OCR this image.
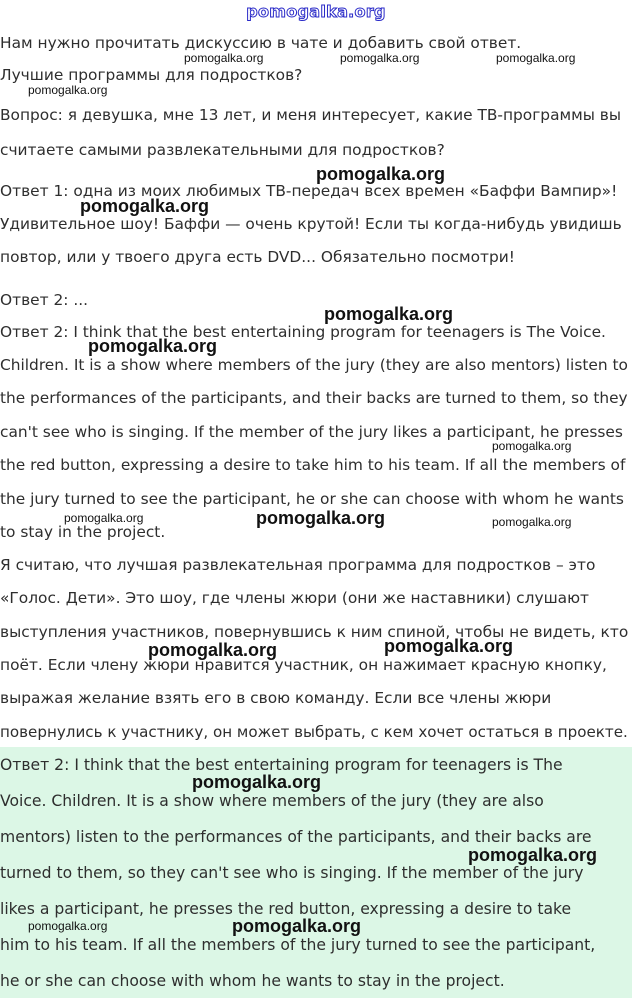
pomogalka.org
Нам нужно прочитать дискуссию в чате и добавить свой ответ.
Лучшие программы для подростков?
Вопрос: я девушка, мне 13 лет, и меня интересует, какие ТВ-программы вы
считаете самыми развлекательными для подростков?
Ответ 1: одна из моих любимых ТВ-передач всех времен «Баффи Вампир»!
Удивительное шоу! Баффи — очень крутой! Если ты когда-нибудь увидишь
повтор, или у твоего друга есть DVD... Обязательно посмотри!
Ответ 2: ...
Ответ 2: I think that the best entertaining program for teenagers is The Voice.
Children. It is a show where members of the jury (they are also mentors) listen to
the performances of the participants, and their backs are turned to them, so they
can't see who is singing. If the member of the jury likes a participant, he presses
the red button, expressing a desire to take him to his team. If all the members of
the jury turned to see the participant, he or she can choose with whom he wants
to stay in the project.
Я считаю, что лучшая развлекательная программа для подростков – это
«Голос. Дети». Это шоу, где члены жюри (они же наставники) слушают
выступления участников, повернувшись к ним спиной, чтобы не видеть, кто
поёт. Если члену жюри нравится участник, он нажимает красную кнопку,
выражая желание взять его в свою команду. Если все члены жюри
повернулись к участнику, он может выбрать, с кем хочет остаться в проекте.
Ответ 2: I think that the best entertaining program for teenagers is The
Voice. Children. It is a show where members of the jury (they are also
mentors) listen to the performances of the participants, and their backs are
turned to them, so they can't see who is singing. If the member of the jury
likes a participant, he presses the red button, expressing a desire to take
him to his team. If all the members of the jury turned to see the participant,
he or she can choose with whom he wants to stay in the project.
pomogalka.org	pomogalka.org	pomogalka.org
pomogalka.org
pomogalka.org
pomogalka.org
pomogalka.org
pomogalka.org
pomogalka.org
pomogalka.org	pomogalka.org	pomogalka.org
pomogalka.org	pomogalka.org
pomogalka.org
pomogalka.org
pomogalka.org	pomogalka.org
